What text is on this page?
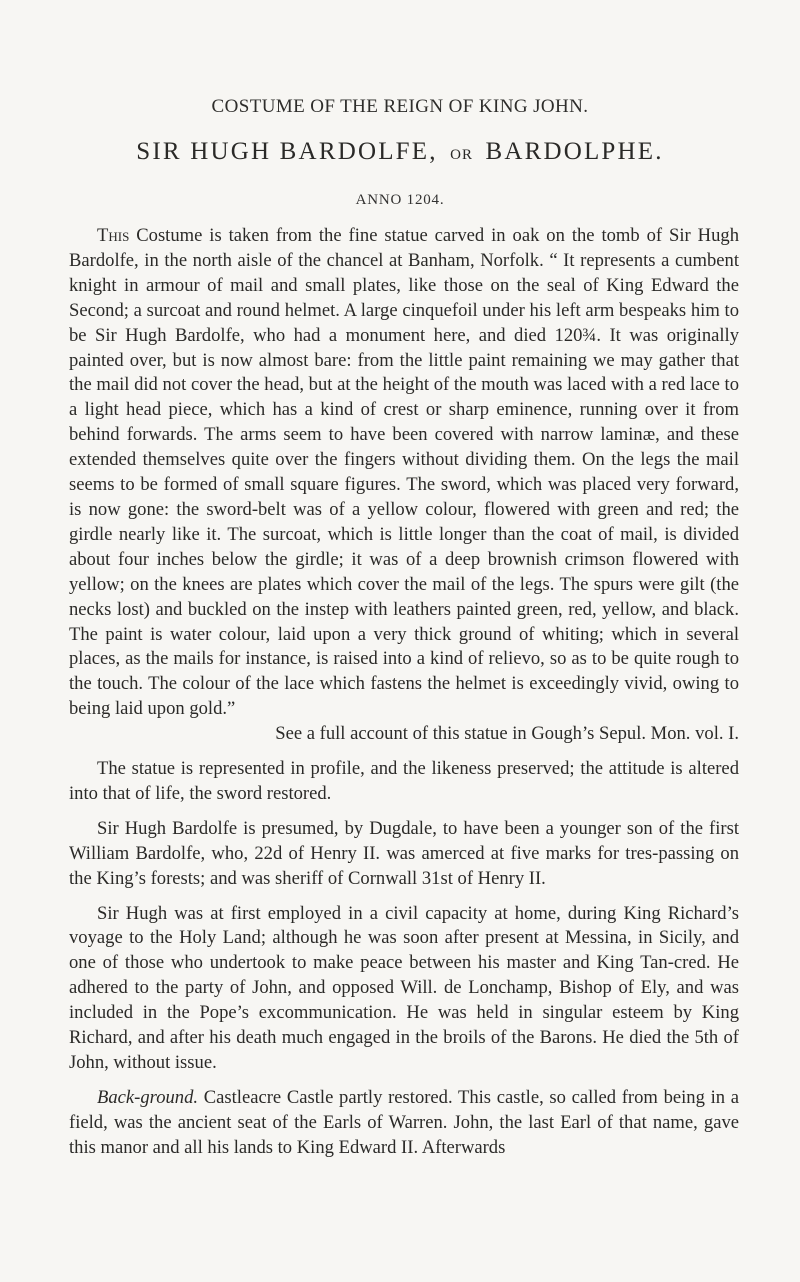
COSTUME OF THE REIGN OF KING JOHN.
SIR HUGH BARDOLFE, OR BARDOLPHE.
ANNO 1204.

This Costume is taken from the fine statue carved in oak on the tomb of Sir Hugh Bardolfe, in the north aisle of the chancel at Banham, Norfolk. “ It represents a cumbent knight in armour of mail and small plates, like those on the seal of King Edward the Second; a surcoat and round helmet. A large cinquefoil under his left arm bespeaks him to be Sir Hugh Bardolfe, who had a monument here, and died 120¾. It was originally painted over, but is now almost bare: from the little paint remaining we may gather that the mail did not cover the head, but at the height of the mouth was laced with a red lace to a light head piece, which has a kind of crest or sharp eminence, running over it from behind forwards. The arms seem to have been covered with narrow laminæ, and these extended themselves quite over the fingers without dividing them. On the legs the mail seems to be formed of small square figures. The sword, which was placed very forward, is now gone: the sword-belt was of a yellow colour, flowered with green and red; the girdle nearly like it. The surcoat, which is little longer than the coat of mail, is divided about four inches below the girdle; it was of a deep brownish crimson flowered with yellow; on the knees are plates which cover the mail of the legs. The spurs were gilt (the necks lost) and buckled on the instep with leathers painted green, red, yellow, and black. The paint is water colour, laid upon a very thick ground of whiting; which in several places, as the mails for instance, is raised into a kind of relievo, so as to be quite rough to the touch. The colour of the lace which fastens the helmet is exceedingly vivid, owing to being laid upon gold.”

See a full account of this statue in Gough’s Sepul. Mon. vol. I.

The statue is represented in profile, and the likeness preserved; the attitude is altered into that of life, the sword restored.

Sir Hugh Bardolfe is presumed, by Dugdale, to have been a younger son of the first William Bardolfe, who, 22d of Henry II. was amerced at five marks for tres-passing on the King’s forests; and was sheriff of Cornwall 31st of Henry II.

Sir Hugh was at first employed in a civil capacity at home, during King Richard’s voyage to the Holy Land; although he was soon after present at Messina, in Sicily, and one of those who undertook to make peace between his master and King Tan-cred. He adhered to the party of John, and opposed Will. de Lonchamp, Bishop of Ely, and was included in the Pope’s excommunication. He was held in singular esteem by King Richard, and after his death much engaged in the broils of the Barons. He died the 5th of John, without issue.

Back-ground. Castleacre Castle partly restored. This castle, so called from being in a field, was the ancient seat of the Earls of Warren. John, the last Earl of that name, gave this manor and all his lands to King Edward II. Afterwards
